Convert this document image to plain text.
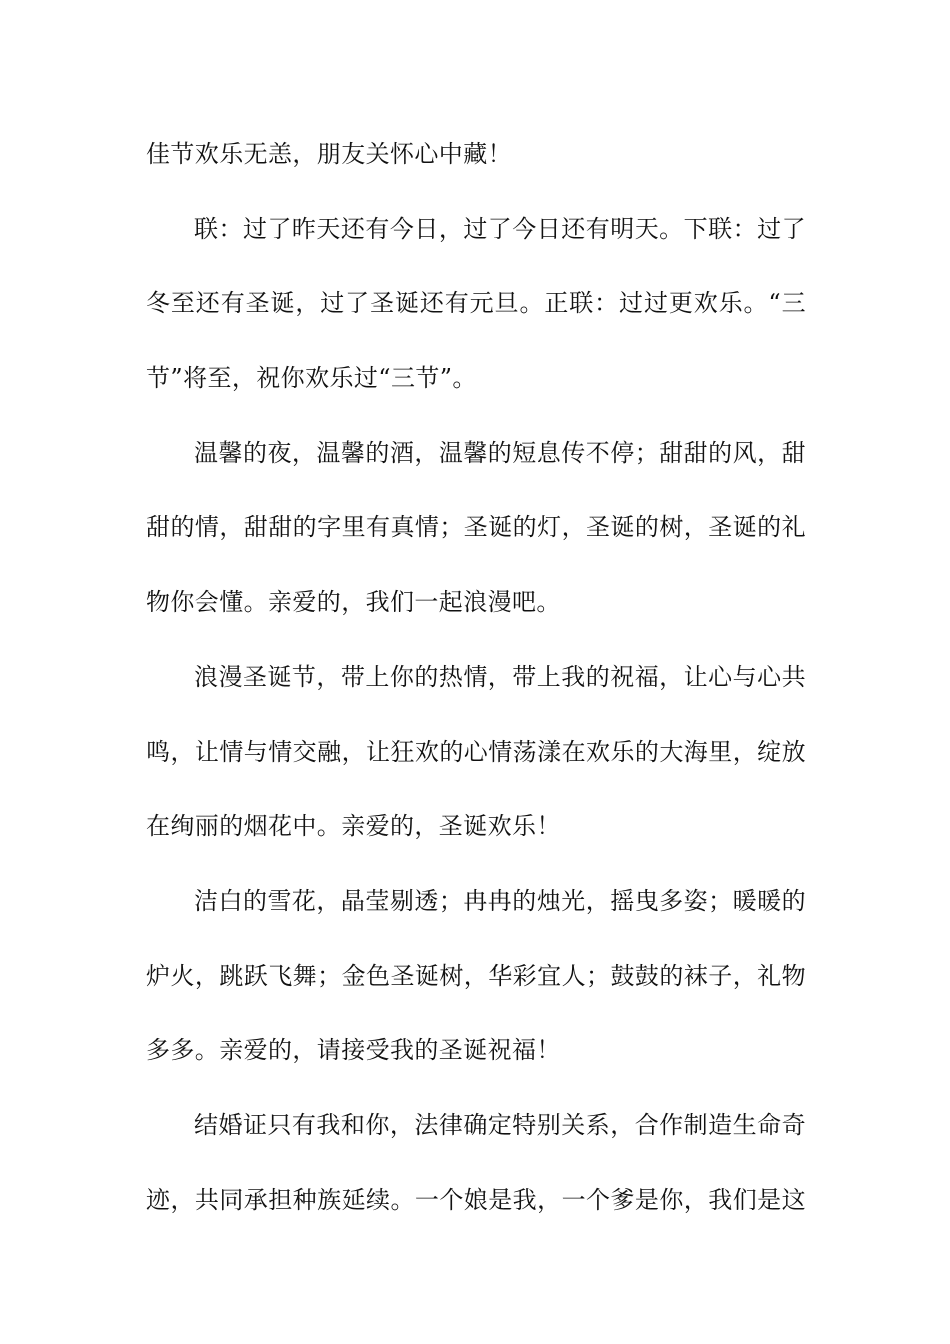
佳节欢乐无恙，朋友关怀心中藏！
联：过了昨天还有今日，过了今日还有明天。下联：过了
冬至还有圣诞，过了圣诞还有元旦。正联：过过更欢乐。“三
节”将至，祝你欢乐过“三节”。
温馨的夜，温馨的酒，温馨的短息传不停；甜甜的风，甜
甜的情，甜甜的字里有真情；圣诞的灯，圣诞的树，圣诞的礼
物你会懂。亲爱的，我们一起浪漫吧。
浪漫圣诞节，带上你的热情，带上我的祝福，让心与心共
鸣，让情与情交融，让狂欢的心情荡漾在欢乐的大海里，绽放
在绚丽的烟花中。亲爱的，圣诞欢乐！
洁白的雪花，晶莹剔透；冉冉的烛光，摇曳多姿；暖暖的
炉火，跳跃飞舞；金色圣诞树，华彩宜人；鼓鼓的袜子，礼物
多多。亲爱的，请接受我的圣诞祝福！
结婚证只有我和你，法律确定特别关系，合作制造生命奇
迹，共同承担种族延续。一个娘是我，一个爹是你，我们是这
